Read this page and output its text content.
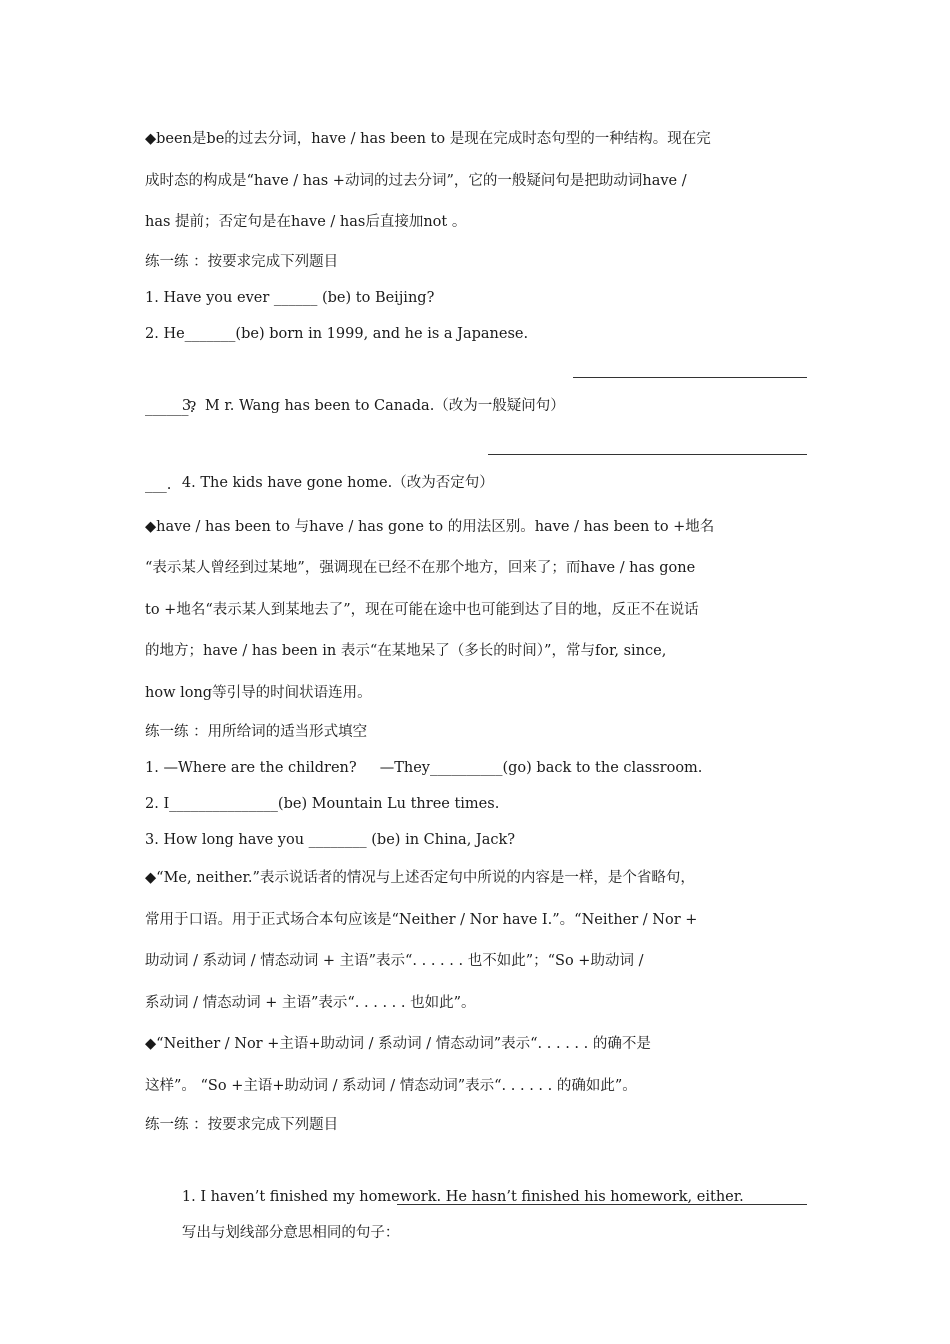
◆been是be的过去分词，have / has been to 是现在完成时态句型的一种结构。现在完
成时态的构成是“have / has +动词的过去分词”，它的一般疑问句是把助动词have /
has 提前；否定句是在have / has后直接加not 。
练一练 ：按要求完成下列题目
1. Have you ever ______ (be) to Beijing?
2. He_______(be) born in 1999, and he is a Japanese.

3.  M r. Wang has been to Canada.（改为一般疑问句）

______?

4. The kids have gone home.（改为否定句）

___.
◆have / has been to 与have / has gone to 的用法区别。have / has been to +地名
“表示某人曾经到过某地”，强调现在已经不在那个地方，回来了；而have / has gone
to +地名“表示某人到某地去了”，现在可能在途中也可能到达了目的地，反正不在说话
的地方；have / has been in 表示“在某地呆了（多长的时间）”，常与for, since,
how long等引导的时间状语连用。
练一练 ：用所给词的适当形式填空
1. —Where are the children?     —They__________(go) back to the classroom.
2. I_______________(be) Mountain Lu three times.
3. How long have you ________ (be) in China, Jack?
◆“Me, neither.”表示说话者的情况与上述否定句中所说的内容是一样，是个省略句，
常用于口语。用于正式场合本句应该是“Neither / Nor have I.”。“Neither / Nor +
助动词 / 系动词 / 情态动词 + 主语”表示“. . . . . . 也不如此”；“So +助动词 /
系动词 / 情态动词 + 主语”表示“. . . . . . 也如此”。
◆“Neither / Nor +主语+助动词 / 系动词 / 情态动词”表示“. . . . . . 的确不是
这样”。 “So +主语+助动词 / 系动词 / 情态动词”表示“. . . . . . 的确如此”。
练一练 ：按要求完成下列题目

1. I haven’t finished my homework. He hasn’t finished his homework, either.

写出与划线部分意思相同的句子：
